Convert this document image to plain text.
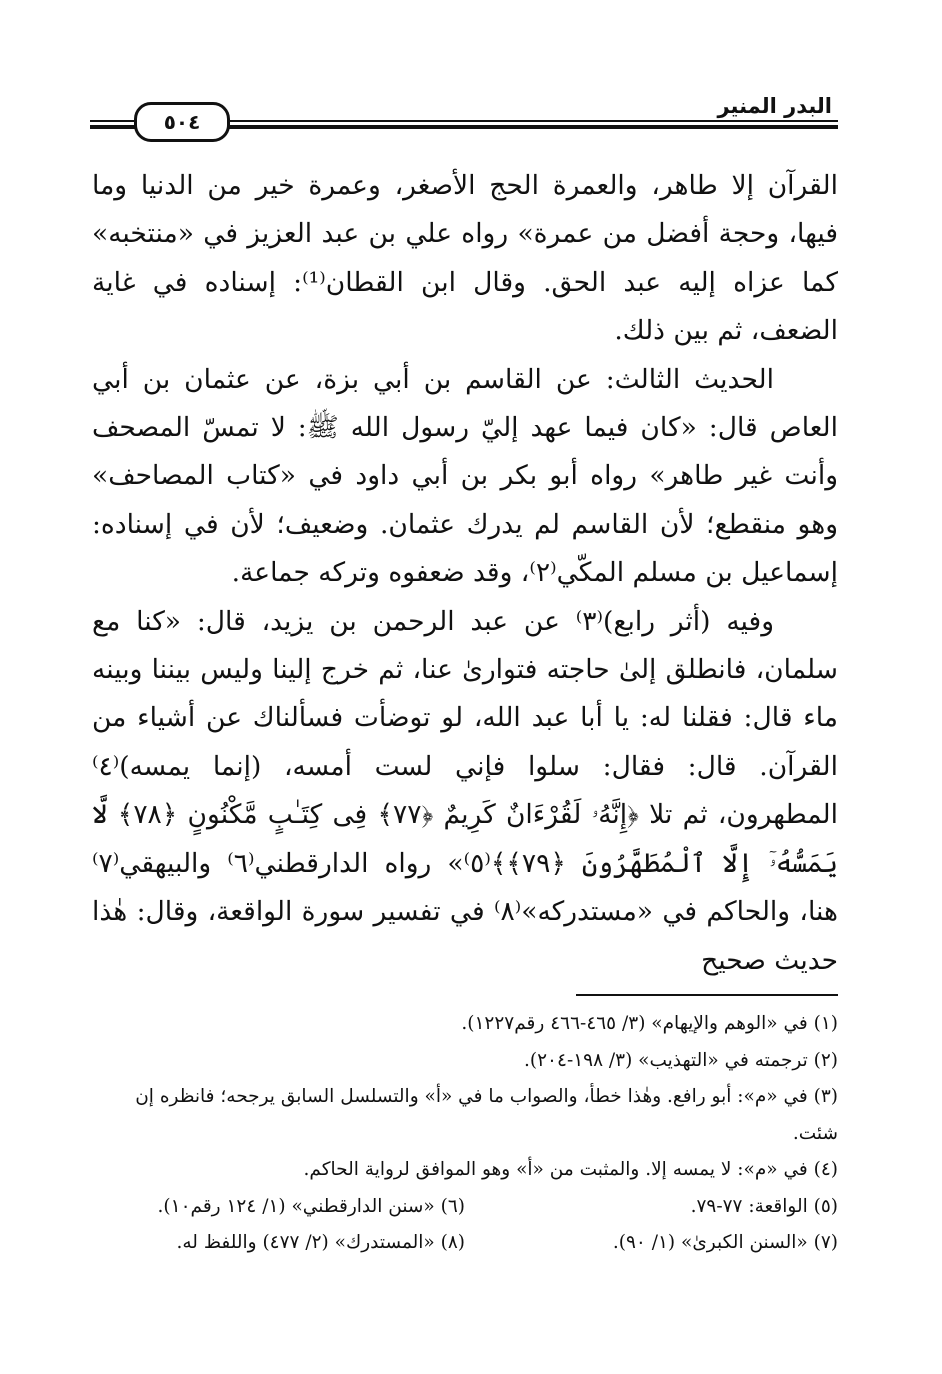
البدر المنير
٥٠٤

القرآن إلا طاهر، والعمرة الحج الأصغر، وعمرة خير من الدنيا وما فيها، وحجة أفضل من عمرة» رواه علي بن عبد العزيز في «منتخبه» كما عزاه إليه عبد الحق. وقال ابن القطان⁽¹⁾: إسناده في غاية الضعف، ثم بين ذلك.

الحديث الثالث: عن القاسم بن أبي بزة، عن عثمان بن أبي العاص قال: «كان فيما عهد إليّ رسول الله ﷺ: لا تمسّ المصحف وأنت غير طاهر» رواه أبو بكر بن أبي داود في «كتاب المصاحف» وهو منقطع؛ لأن القاسم لم يدرك عثمان. وضعيف؛ لأن في إسناده: إسماعيل بن مسلم المكّي⁽٢⁾، وقد ضعفوه وتركه جماعة.

وفيه (أثر رابع)⁽٣⁾ عن عبد الرحمن بن يزيد، قال: «كنا مع سلمان، فانطلق إلىٰ حاجته فتوارىٰ عنا، ثم خرج إلينا وليس بيننا وبينه ماء قال: فقلنا له: يا أبا عبد الله، لو توضأت فسألناك عن أشياء من القرآن. قال: فقال: سلوا فإني لست أمسه، (إنما يمسه)⁽٤⁾ المطهرون، ثم تلا ﴿إِنَّهُۥ لَقُرْءَانٌ كَرِيمٌ ﴿٧٧﴾ فِى كِتَـٰبٍ مَّكْنُونٍ ﴿٧٨﴾ لَّا يَمَسُّهُۥٓ إِلَّا ٱلْمُطَهَّرُونَ ﴿٧٩﴾﴾⁽٥⁾» رواه الدارقطني⁽٦⁾ والبيهقي⁽٧⁾ هنا، والحاكم في «مستدركه»⁽٨⁾ في تفسير سورة الواقعة، وقال: هٰذا حديث صحيح

(١) في «الوهم والإيهام» (٣/ ٤٦٥-٤٦٦ رقم١٢٢٧).

(٢) ترجمته في «التهذيب» (٣/ ١٩٨-٢٠٤).

(٣) في «م»: أبو رافع. وهٰذا خطأ، والصواب ما في «أ» والتسلسل السابق يرجحه؛ فانظره إن شئت.

(٤) في «م»: لا يمسه إلا. والمثبت من «أ» وهو الموافق لرواية الحاكم.

(٥) الواقعة: ٧٧-٧٩.
(٦) «سنن الدارقطني» (١/ ١٢٤ رقم١٠).
(٧) «السنن الكبرىٰ» (١/ ٩٠).
(٨) «المستدرك» (٢/ ٤٧٧) واللفظ له.
